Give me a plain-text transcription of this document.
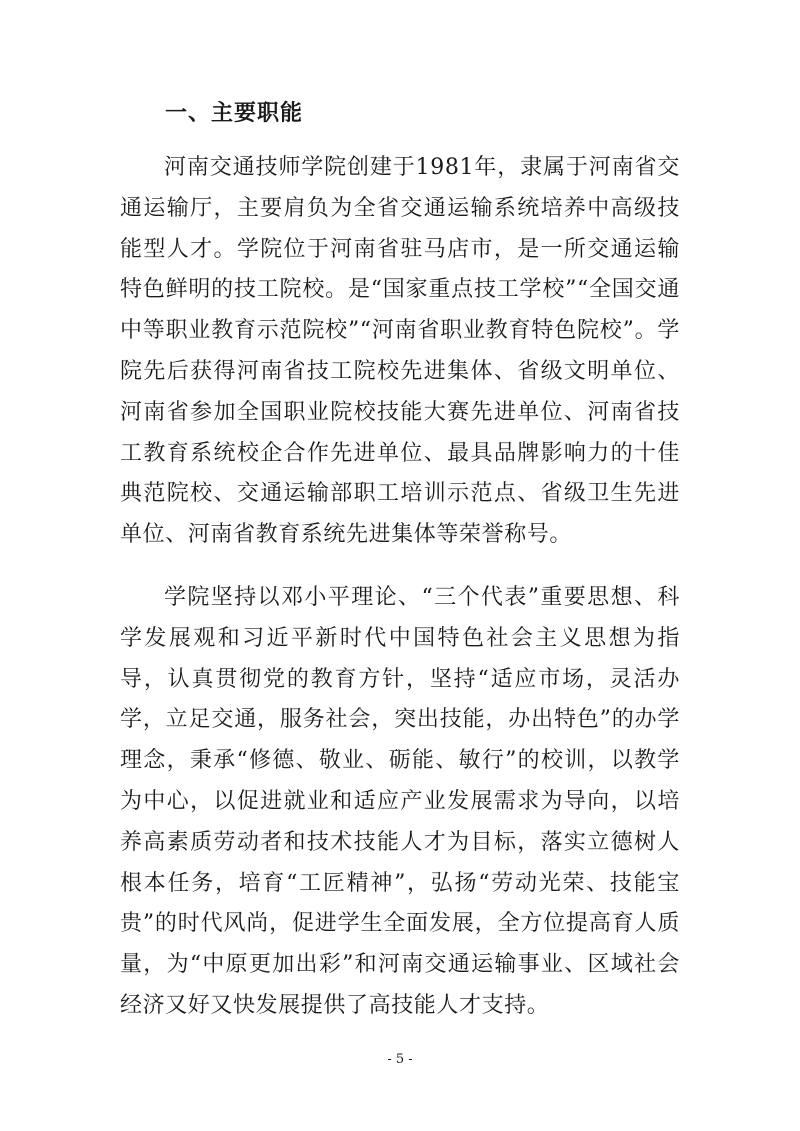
一、主要职能

河南交通技师学院创建于1981年，隶属于河南省交通运输厅，主要肩负为全省交通运输系统培养中高级技能型人才。学院位于河南省驻马店市，是一所交通运输特色鲜明的技工院校。是“国家重点技工学校”“全国交通中等职业教育示范院校”“河南省职业教育特色院校”。学院先后获得河南省技工院校先进集体、省级文明单位、河南省参加全国职业院校技能大赛先进单位、河南省技工教育系统校企合作先进单位、最具品牌影响力的十佳典范院校、交通运输部职工培训示范点、省级卫生先进单位、河南省教育系统先进集体等荣誉称号。

学院坚持以邓小平理论、“三个代表”重要思想、科学发展观和习近平新时代中国特色社会主义思想为指导，认真贯彻党的教育方针，坚持“适应市场，灵活办学，立足交通，服务社会，突出技能，办出特色”的办学理念，秉承“修德、敬业、砺能、敏行”的校训，以教学为中心，以促进就业和适应产业发展需求为导向，以培养高素质劳动者和技术技能人才为目标，落实立德树人根本任务，培育“工匠精神”，弘扬“劳动光荣、技能宝贵”的时代风尚，促进学生全面发展，全方位提高育人质量，为“中原更加出彩”和河南交通运输事业、区域社会经济又好又快发展提供了高技能人才支持。

- 5 -
